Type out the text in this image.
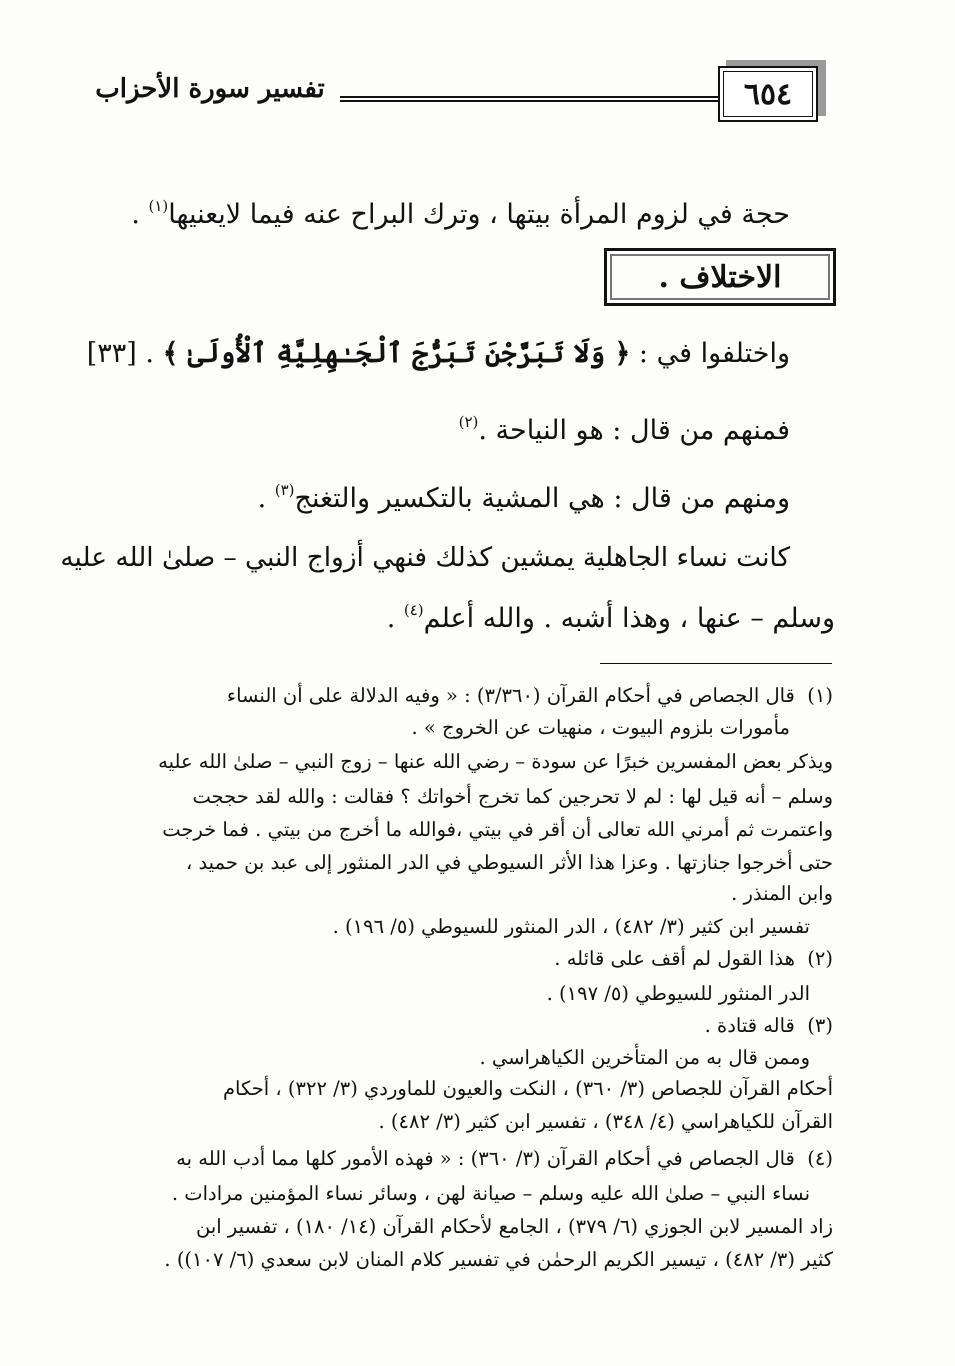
٦٥٤
تفسير سورة الأحزاب
حجة في لزوم المرأة بيتها ، وترك البراح عنه فيما لايعنيها$^{(١)}$ .
الاختلاف .
واختلفوا في : ﴿ وَلَا تَبَرَّجْنَ تَبَرُّجَ ٱلْجَـٰهِلِيَّةِ ٱلْأُولَىٰ ﴾ . [٣٣]
فمنهم من قال : هو النياحة .$^{(٢)}$
ومنهم من قال : هي المشية بالتكسير والتغنج$^{(٣)}$ .
كانت نساء الجاهلية يمشين كذلك فنهي أزواج النبي – صلىٰ الله عليه
وسلم – عنها ، وهذا أشبه . والله أعلم$^{(٤)}$ .
(١)  قال الجصاص في أحكام القرآن (٣/٣٦٠) : « وفيه الدلالة على أن النساء
مأمورات بلزوم البيوت ، منهيات عن الخروج » .
ويذكر بعض المفسرين خبرًا عن سودة – رضي الله عنها – زوج النبي – صلىٰ الله عليه
وسلم – أنه قيل لها : لم لا تحرجين كما تخرج أخواتك ؟ فقالت : والله لقد حججت
واعتمرت ثم أمرني الله تعالى أن أقر في بيتي ،فوالله ما أخرج من بيتي . فما خرجت
حتى أخرجوا جنازتها . وعزا هذا الأثر السيوطي في الدر المنثور إلى عبد بن حميد ،
وابن المنذر .
تفسير ابن كثير (٣/ ٤٨٢) ، الدر المنثور للسيوطي (٥/ ١٩٦) .
(٢)  هذا القول لم أقف على قائله .
الدر المنثور للسيوطي (٥/ ١٩٧) .
(٣)  قاله قتادة .
وممن قال به من المتأخرين الكياهراسي .
أحكام القرآن للجصاص (٣/ ٣٦٠) ، النكت والعيون للماوردي (٣/ ٣٢٢) ، أحكام
القرآن للكياهراسي (٤/ ٣٤٨) ، تفسير ابن كثير (٣/ ٤٨٢) .
(٤)  قال الجصاص في أحكام القرآن (٣/ ٣٦٠) : « فهذه الأمور كلها مما أدب الله به
نساء النبي – صلىٰ الله عليه وسلم – صيانة لهن ، وسائر نساء المؤمنين مرادات .
زاد المسير لابن الجوزي (٦/ ٣٧٩) ، الجامع لأحكام القرآن (١٤/ ١٨٠) ، تفسير ابن
كثير (٣/ ٤٨٢) ، تيسير الكريم الرحمٰن في تفسير كلام المنان لابن سعدي (٦/ ١٠٧)) .
